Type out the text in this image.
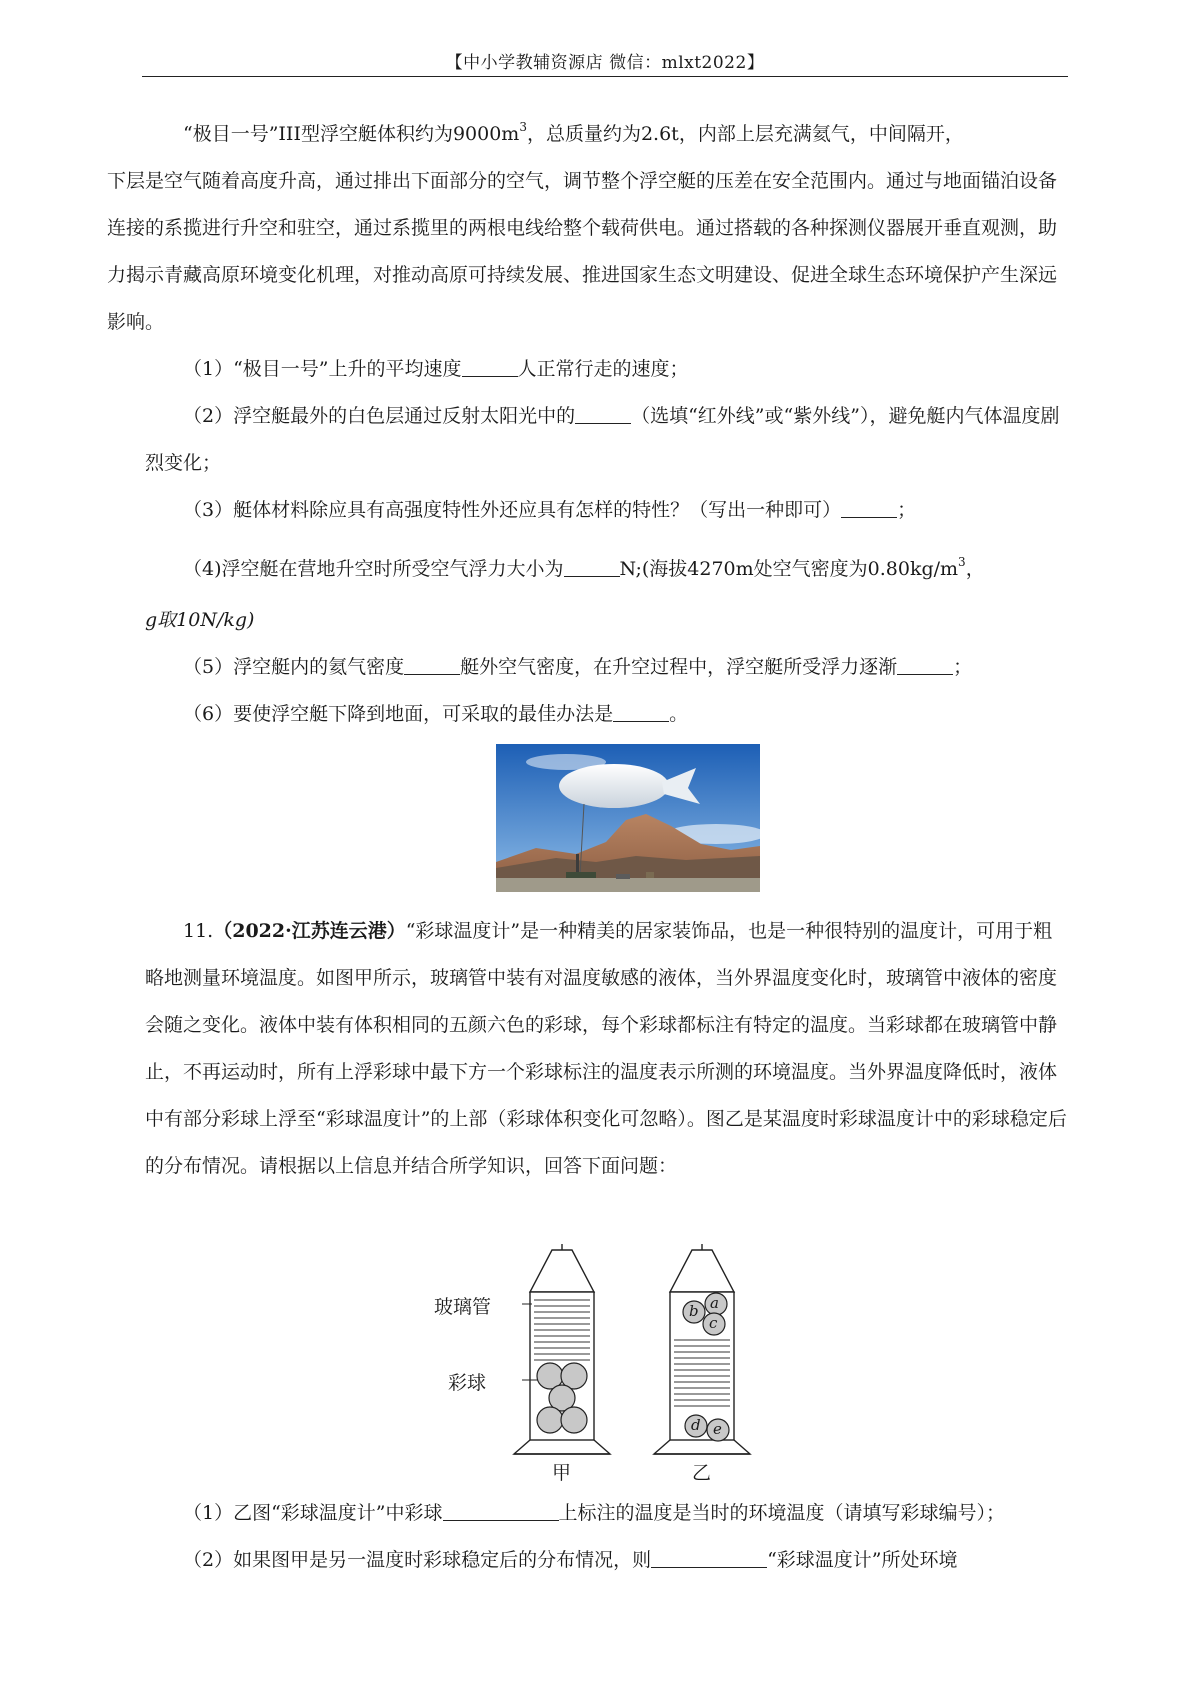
【中小学教辅资源店 微信：mlxt2022】

“极目一号”III型浮空艇体积约为$9000m^3$，总质量约为2.6t，内部上层充满氦气，中间隔开，
下层是空气随着高度升高，通过排出下面部分的空气，调节整个浮空艇的压差在安全范围内。通过与地面锚泊设备连接的系揽进行升空和驻空，通过系揽里的两根电线给整个载荷供电。通过搭载的各种探测仪器展开垂直观测，助力揭示青藏高原环境变化机理，对推动高原可持续发展、推进国家生态文明建设、促进全球生态环境保护产生深远影响。

（1）“极目一号”上升的平均速度	人正常行走的速度；

（2）浮空艇最外的白色层通过反射太阳光中的	（选填“红外线”或“紫外线”），避免艇内气体温度剧烈变化；

（3）艇体材料除应具有高强度特性外还应具有怎样的特性？（写出一种即可）	；

（4)浮空艇在营地升空时所受空气浮力大小为	N;(海拔4270m处空气密度为$0.80kg/m^3$，

g取10N/kg)

（5）浮空艇内的氦气密度	艇外空气密度，在升空过程中，浮空艇所受浮力逐渐	；

（6）要使浮空艇下降到地面，可采取的最佳办法是	。

11.（2022·江苏连云港）“彩球温度计”是一种精美的居家装饰品，也是一种很特别的温度计，可用于粗略地测量环境温度。如图甲所示，玻璃管中装有对温度敏感的液体，当外界温度变化时，玻璃管中液体的密度会随之变化。液体中装有体积相同的五颜六色的彩球，每个彩球都标注有特定的温度。当彩球都在玻璃管中静止，不再运动时，所有上浮彩球中最下方一个彩球标注的温度表示所测的环境温度。当外界温度降低时，液体中有部分彩球上浮至“彩球温度计”的上部（彩球体积变化可忽略）。图乙是某温度时彩球温度计中的彩球稳定后的分布情况。请根据以上信息并结合所学知识，回答下面问题：

玻璃管
彩球
甲	乙
a
b
c
d e

（1）乙图“彩球温度计”中彩球	上标注的温度是当时的环境温度（请填写彩球编号）；

（2）如果图甲是另一温度时彩球稳定后的分布情况，则	“彩球温度计”所处环境
